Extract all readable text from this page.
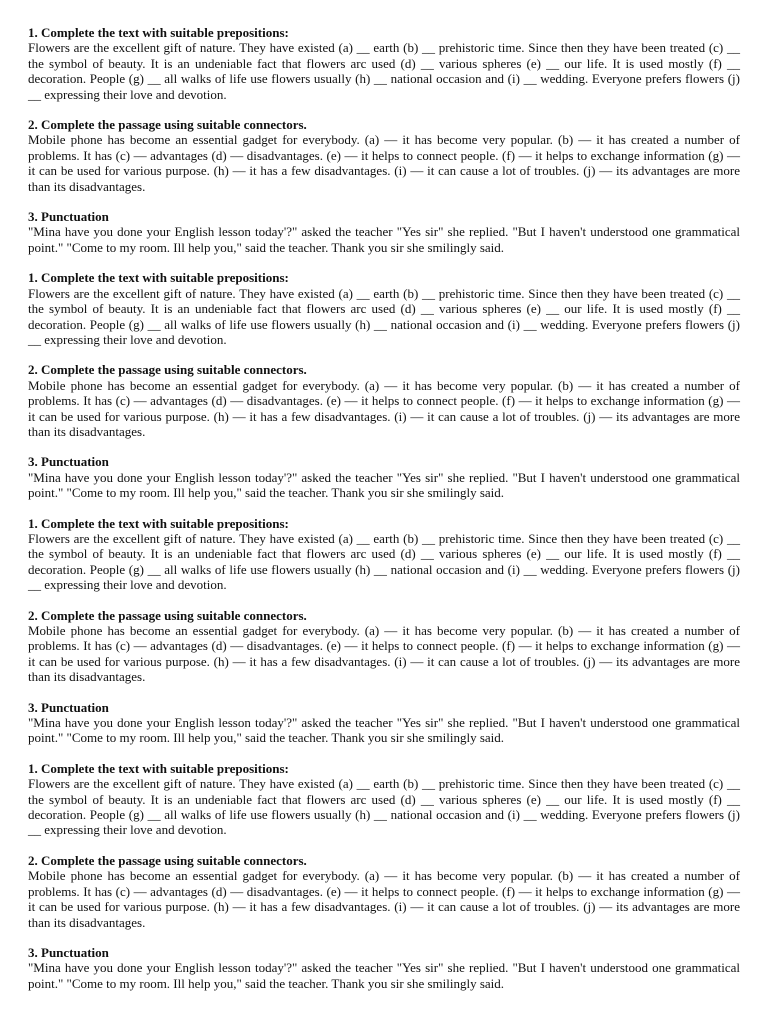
1. Complete the text with suitable prepositions:

Flowers are the excellent gift of nature. They have existed (a) __ earth (b) __ prehistoric time. Since then they have been treated (c) __ the symbol of beauty. It is an undeniable fact that flowers arc used (d) __ various spheres (e) __ our life. It is used mostly (f) __ decoration. People (g) __ all walks of life use flowers usually (h) __ national occasion and (i) __ wedding. Everyone prefers flowers (j) __ expressing their love and devotion.

2. Complete the passage using suitable connectors.

Mobile phone has become an essential gadget for everybody. (a) — it has become very popular. (b) — it has created a number of problems. It has (c) — advantages (d) — disadvantages. (e) — it helps to connect people. (f) — it helps to exchange information (g) — it can be used for various purpose. (h) — it has a few disadvantages. (i) — it can cause a lot of troubles. (j) — its advantages are more than its disadvantages.

3. Punctuation

"Mina have you done your English lesson today'?" asked the teacher "Yes sir" she replied. "But I haven't understood one grammatical point." "Come to my room. Ill help you," said the teacher. Thank you sir she smilingly said.

1. Complete the text with suitable prepositions:

Flowers are the excellent gift of nature. They have existed (a) __ earth (b) __ prehistoric time. Since then they have been treated (c) __ the symbol of beauty. It is an undeniable fact that flowers arc used (d) __ various spheres (e) __ our life. It is used mostly (f) __ decoration. People (g) __ all walks of life use flowers usually (h) __ national occasion and (i) __ wedding. Everyone prefers flowers (j) __ expressing their love and devotion.

2. Complete the passage using suitable connectors.

Mobile phone has become an essential gadget for everybody. (a) — it has become very popular. (b) — it has created a number of problems. It has (c) — advantages (d) — disadvantages. (e) — it helps to connect people. (f) — it helps to exchange information (g) — it can be used for various purpose. (h) — it has a few disadvantages. (i) — it can cause a lot of troubles. (j) — its advantages are more than its disadvantages.

3. Punctuation

"Mina have you done your English lesson today'?" asked the teacher "Yes sir" she replied. "But I haven't understood one grammatical point." "Come to my room. Ill help you," said the teacher. Thank you sir she smilingly said.

1. Complete the text with suitable prepositions:

Flowers are the excellent gift of nature. They have existed (a) __ earth (b) __ prehistoric time. Since then they have been treated (c) __ the symbol of beauty. It is an undeniable fact that flowers arc used (d) __ various spheres (e) __ our life. It is used mostly (f) __ decoration. People (g) __ all walks of life use flowers usually (h) __ national occasion and (i) __ wedding. Everyone prefers flowers (j) __ expressing their love and devotion.

2. Complete the passage using suitable connectors.

Mobile phone has become an essential gadget for everybody. (a) — it has become very popular. (b) — it has created a number of problems. It has (c) — advantages (d) — disadvantages. (e) — it helps to connect people. (f) — it helps to exchange information (g) — it can be used for various purpose. (h) — it has a few disadvantages. (i) — it can cause a lot of troubles. (j) — its advantages are more than its disadvantages.

3. Punctuation

"Mina have you done your English lesson today'?" asked the teacher "Yes sir" she replied. "But I haven't understood one grammatical point." "Come to my room. Ill help you," said the teacher. Thank you sir she smilingly said.

1. Complete the text with suitable prepositions:

Flowers are the excellent gift of nature. They have existed (a) __ earth (b) __ prehistoric time. Since then they have been treated (c) __ the symbol of beauty. It is an undeniable fact that flowers arc used (d) __ various spheres (e) __ our life. It is used mostly (f) __ decoration. People (g) __ all walks of life use flowers usually (h) __ national occasion and (i) __ wedding. Everyone prefers flowers (j) __ expressing their love and devotion.

2. Complete the passage using suitable connectors.

Mobile phone has become an essential gadget for everybody. (a) — it has become very popular. (b) — it has created a number of problems. It has (c) — advantages (d) — disadvantages. (e) — it helps to connect people. (f) — it helps to exchange information (g) — it can be used for various purpose. (h) — it has a few disadvantages. (i) — it can cause a lot of troubles. (j) — its advantages are more than its disadvantages.

3. Punctuation

"Mina have you done your English lesson today'?" asked the teacher "Yes sir" she replied. "But I haven't understood one grammatical point." "Come to my room. Ill help you," said the teacher. Thank you sir she smilingly said.
